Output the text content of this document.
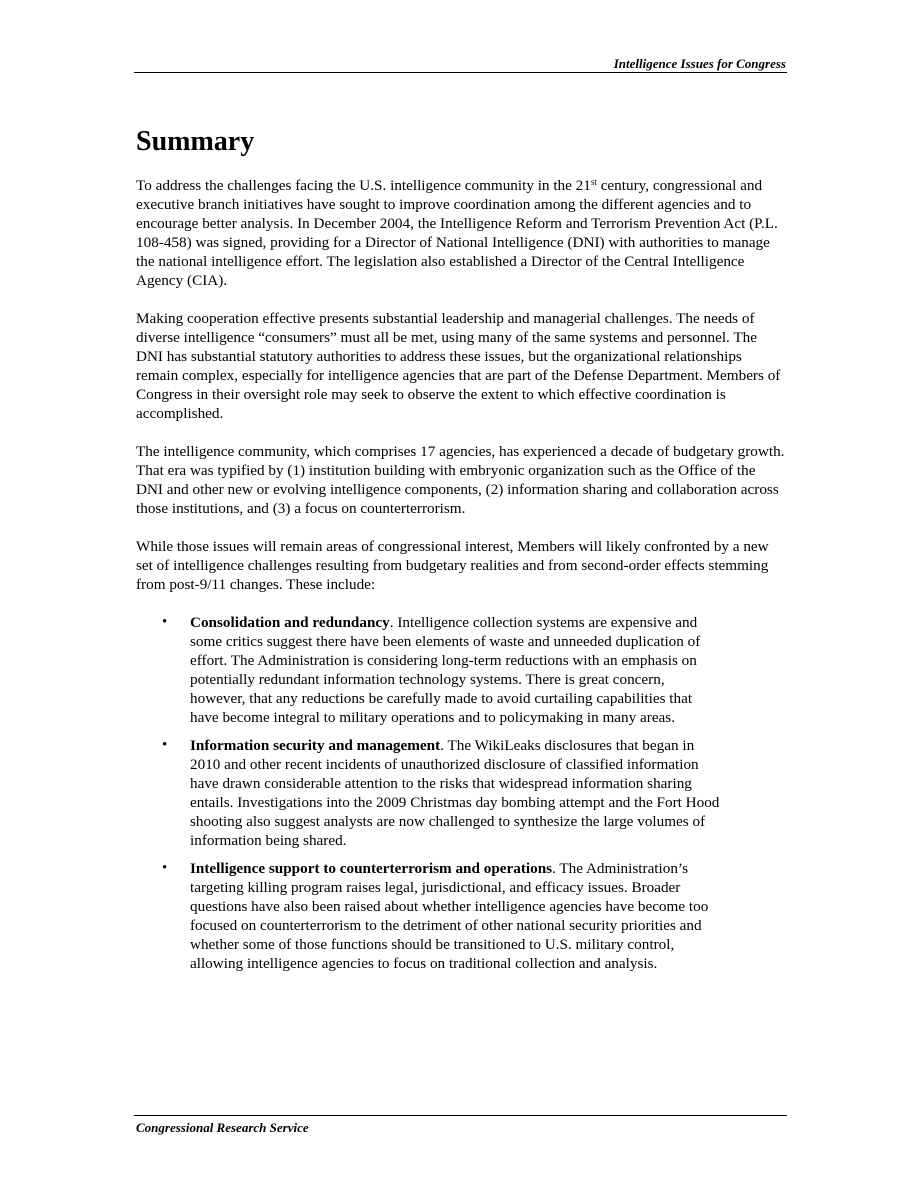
Intelligence Issues for Congress
Summary

To address the challenges facing the U.S. intelligence community in the 21st century, congressional and executive branch initiatives have sought to improve coordination among the different agencies and to encourage better analysis. In December 2004, the Intelligence Reform and Terrorism Prevention Act (P.L. 108-458) was signed, providing for a Director of National Intelligence (DNI) with authorities to manage the national intelligence effort. The legislation also established a Director of the Central Intelligence Agency (CIA).

Making cooperation effective presents substantial leadership and managerial challenges. The needs of diverse intelligence “consumers” must all be met, using many of the same systems and personnel. The DNI has substantial statutory authorities to address these issues, but the organizational relationships remain complex, especially for intelligence agencies that are part of the Defense Department. Members of Congress in their oversight role may seek to observe the extent to which effective coordination is accomplished.

The intelligence community, which comprises 17 agencies, has experienced a decade of budgetary growth. That era was typified by (1) institution building with embryonic organization such as the Office of the DNI and other new or evolving intelligence components, (2) information sharing and collaboration across those institutions, and (3) a focus on counterterrorism.

While those issues will remain areas of congressional interest, Members will likely confronted by a new set of intelligence challenges resulting from budgetary realities and from second-order effects stemming from post-9/11 changes. These include:

• Consolidation and redundancy. Intelligence collection systems are expensive and some critics suggest there have been elements of waste and unneeded duplication of effort. The Administration is considering long-term reductions with an emphasis on potentially redundant information technology systems. There is great concern, however, that any reductions be carefully made to avoid curtailing capabilities that have become integral to military operations and to policymaking in many areas.
• Information security and management. The WikiLeaks disclosures that began in 2010 and other recent incidents of unauthorized disclosure of classified information have drawn considerable attention to the risks that widespread information sharing entails. Investigations into the 2009 Christmas day bombing attempt and the Fort Hood shooting also suggest analysts are now challenged to synthesize the large volumes of information being shared.
• Intelligence support to counterterrorism and operations. The Administration’s targeting killing program raises legal, jurisdictional, and efficacy issues. Broader questions have also been raised about whether intelligence agencies have become too focused on counterterrorism to the detriment of other national security priorities and whether some of those functions should be transitioned to U.S. military control, allowing intelligence agencies to focus on traditional collection and analysis.
Congressional Research Service
